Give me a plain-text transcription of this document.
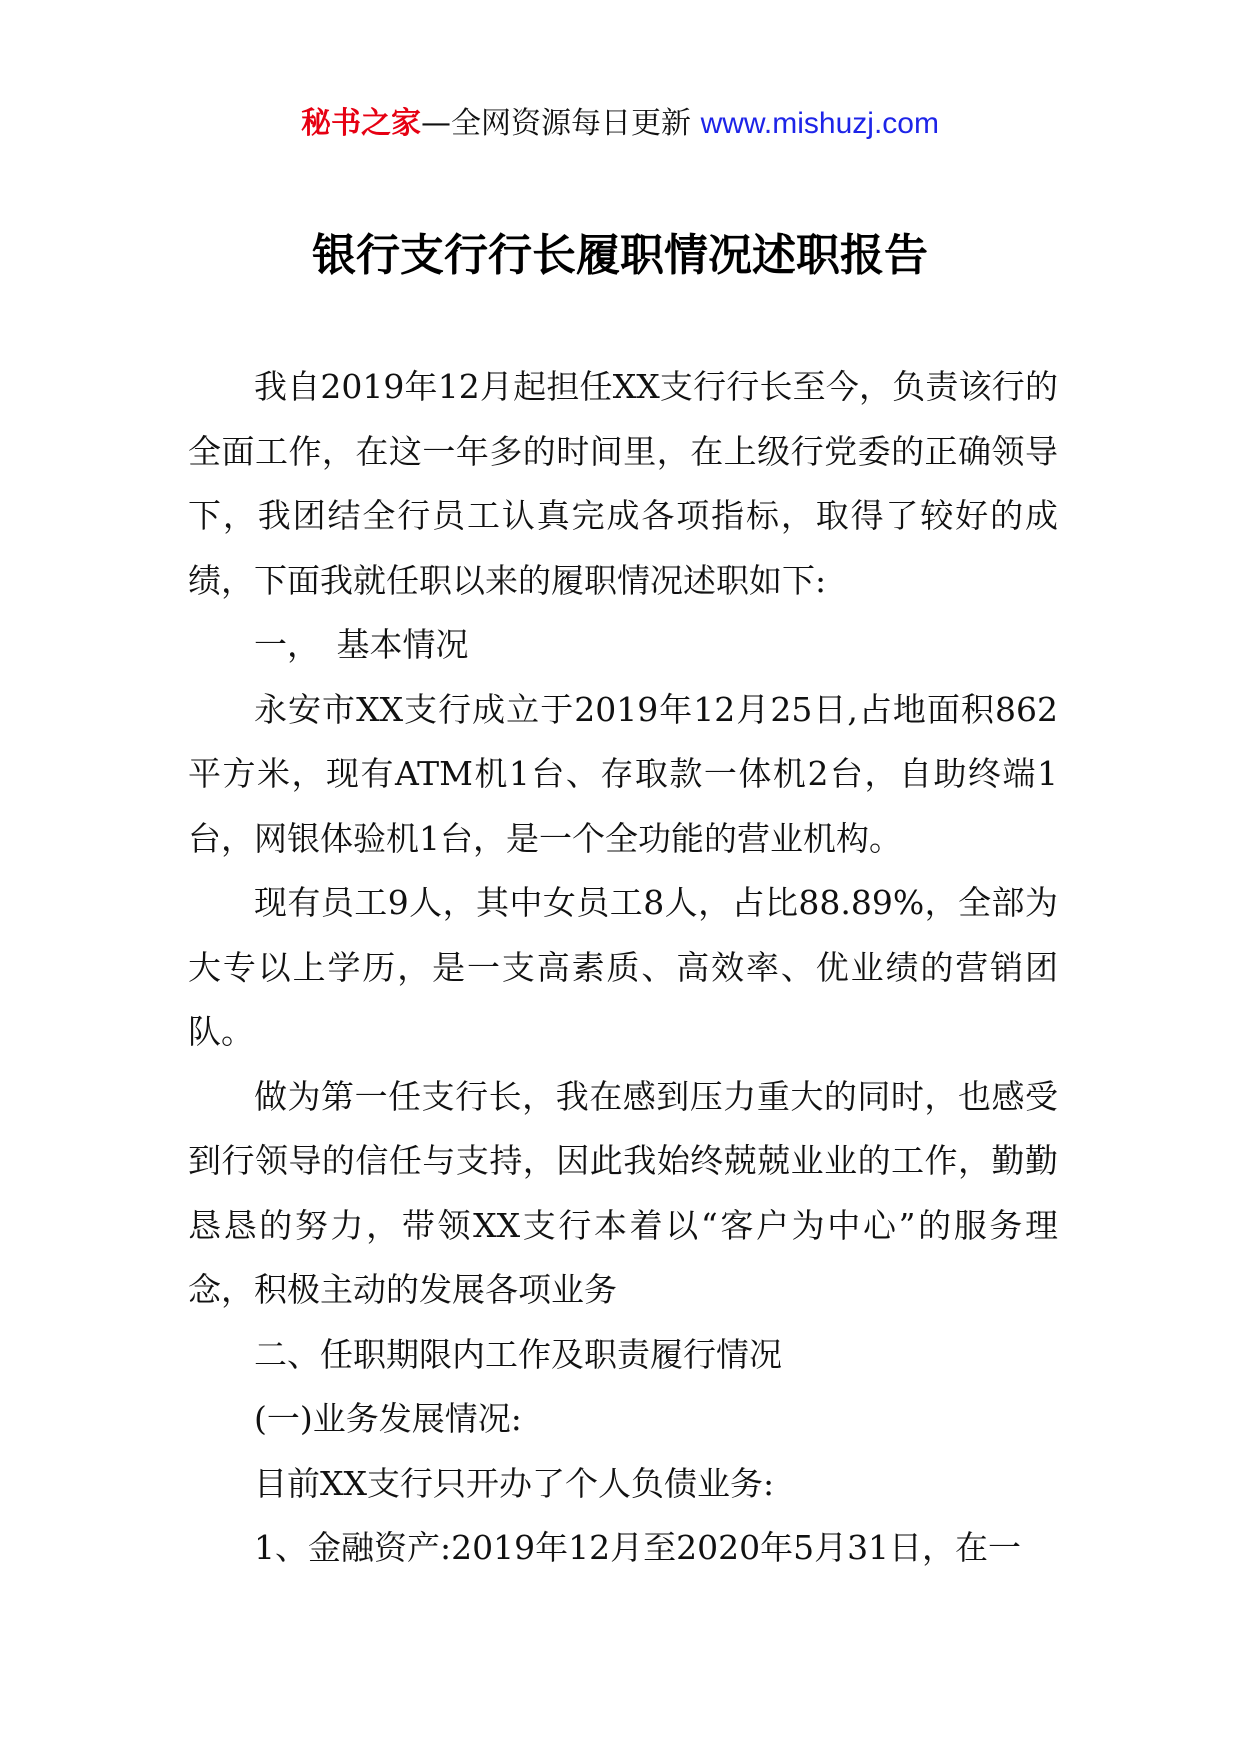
秘书之家—全网资源每日更新 www.mishuzj.com
银行支行行长履职情况述职报告

我自2019年12月起担任XX支行行长至今，负责该行的全面工作，在这一年多的时间里，在上级行党委的正确领导下，我团结全行员工认真完成各项指标，取得了较好的成绩，下面我就任职以来的履职情况述职如下:

一，　基本情况

永安市XX支行成立于2019年12月25日,占地面积862平方米，现有ATM机1台、存取款一体机2台，自助终端1台，网银体验机1台，是一个全功能的营业机构。

现有员工9人，其中女员工8人，占比88.89%，全部为大专以上学历，是一支高素质、高效率、优业绩的营销团队。

做为第一任支行长，我在感到压力重大的同时，也感受到行领导的信任与支持，因此我始终兢兢业业的工作，勤勤恳恳的努力，带领XX支行本着以“客户为中心”的服务理念，积极主动的发展各项业务

二、任职期限内工作及职责履行情况

(一)业务发展情况:

目前XX支行只开办了个人负债业务:

1、金融资产:2019年12月至2020年5月31日，在一
